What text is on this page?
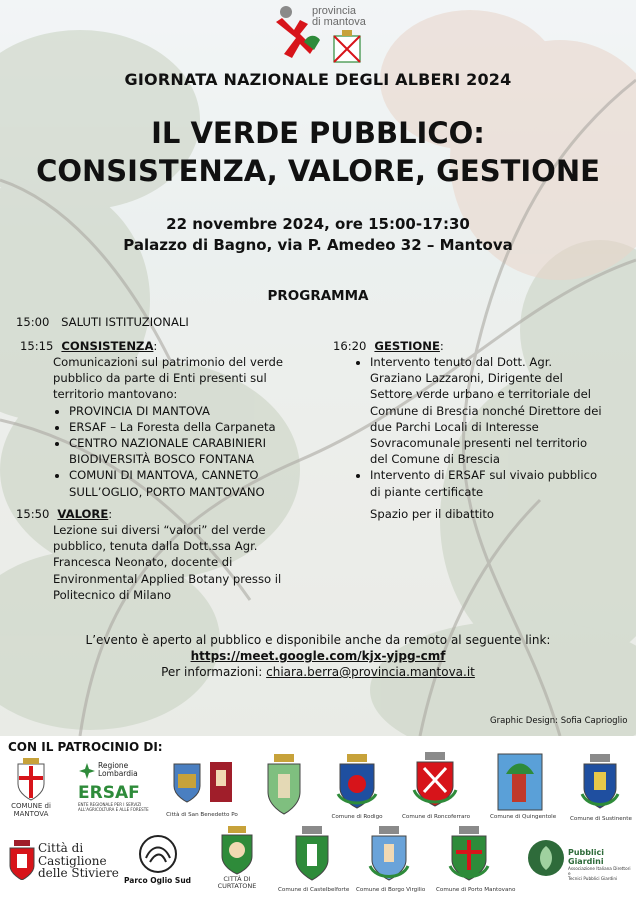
provincia
di mantova
GIORNATA NAZIONALE DEGLI ALBERI 2024
IL VERDE PUBBLICO:
CONSISTENZA, VALORE, GESTIONE
22 novembre 2024, ore 15:00-17:30
Palazzo di Bagno, via P. Amedeo 32 – Mantova
PROGRAMMA
15:00 SALUTI ISTITUZIONALI
15:15 CONSISTENZA:
Comunicazioni sul patrimonio del verde
pubblico da parte di Enti presenti sul
territorio mantovano:
• PROVINCIA DI MANTOVA
• ERSAF – La Foresta della Carpaneta
• CENTRO NAZIONALE CARABINIERI
BIODIVERSITÀ BOSCO FONTANA
• COMUNI DI MANTOVA, CANNETO
SULL’OGLIO, PORTO MANTOVANO
15:50 VALORE:
Lezione sui diversi “valori” del verde
pubblico, tenuta dalla Dott.ssa Agr.
Francesca Neonato, docente di
Environmental Applied Botany presso il
Politecnico di Milano
16:20 GESTIONE:
• Intervento tenuto dal Dott. Agr.
Graziano Lazzaroni, Dirigente del
Settore verde urbano e territoriale del
Comune di Brescia nonché Direttore dei
due Parchi Locali di Interesse
Sovracomunale presenti nel territorio
del Comune di Brescia
• Intervento di ERSAF sul vivaio pubblico
di piante certificate
Spazio per il dibattito
L’evento è aperto al pubblico e disponibile anche da remoto al seguente link:
https://meet.google.com/kjx-yjpg-cmf
Per informazioni: chiara.berra@provincia.mantova.it
Graphic Design: Sofia Caprioglio
CON IL PATROCINIO DI:
COMUNE di
MANTOVA
Regione
Lombardia
ERSAF
ENTE REGIONALE PER I SERVIZI
ALL'AGRICOLTURA E ALLE FORESTE
Città di San Benedetto Po	Comune di Rodigo	Comune di Roncoferraro	Comune di Quingentole Comune di Sustinente
Città di
Castiglione
delle Stiviere
Parco Oglio Sud	CITTÀ DI
CURTATONE	Comune di Castelbelforte Comune di Borgo Virgilio Comune di Porto Mantovano
Pubblici Giardini
Associazione Italiana Direttori e
Tecnici Pubblici Giardini
